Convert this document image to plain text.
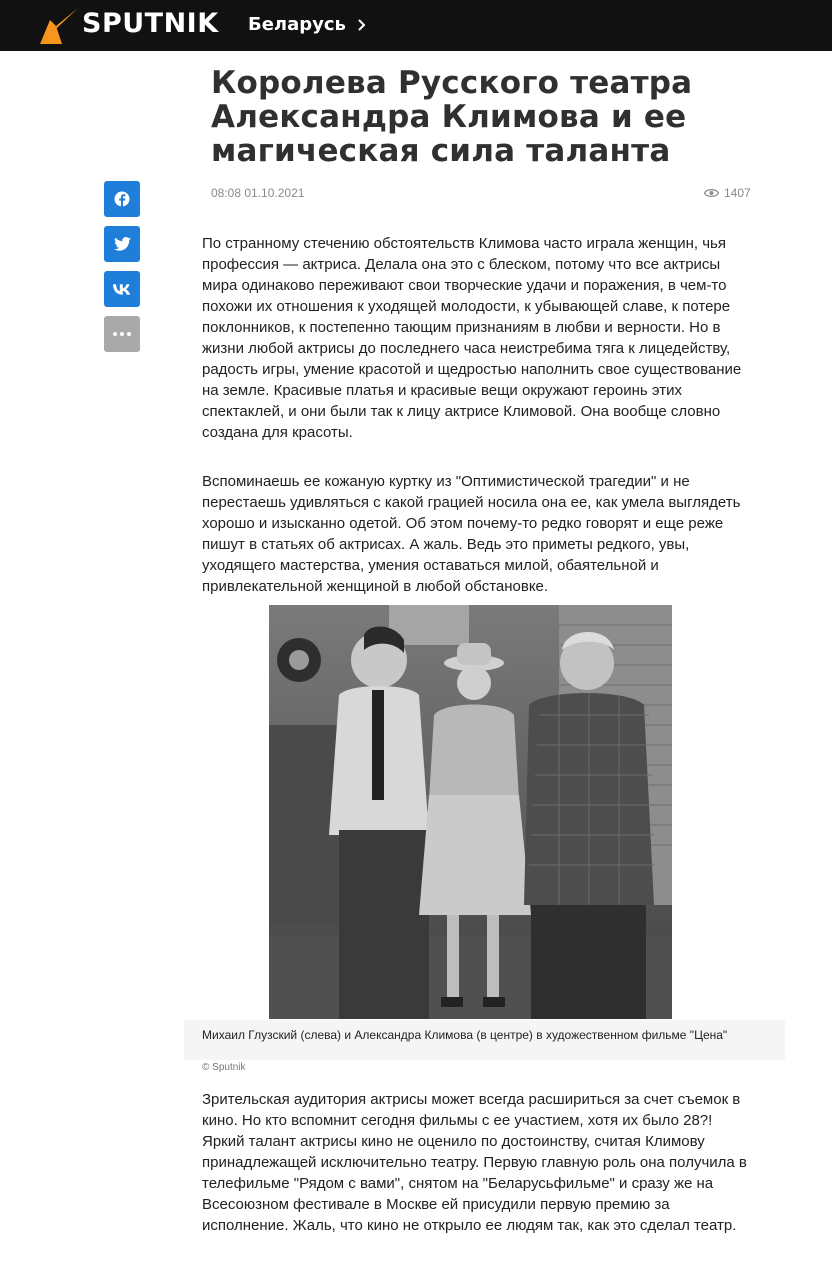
SPUTNIK Беларусь
Королева Русского театра Александра Климова и ее магическая сила таланта
08:08 01.10.2021	1407

По странному стечению обстоятельств Климова часто играла женщин, чья профессия — актриса. Делала она это с блеском, потому что все актрисы мира одинаково переживают свои творческие удачи и поражения, в чем-то похожи их отношения к уходящей молодости, к убывающей славе, к потере поклонников, к постепенно тающим признаниям в любви и верности. Но в жизни любой актрисы до последнего часа неистребима тяга к лицедейству, радость игры, умение красотой и щедростью наполнить свое существование на земле. Красивые платья и красивые вещи окружают героинь этих спектаклей, и они были так к лицу актрисе Климовой. Она вообще словно создана для красоты.

Вспоминаешь ее кожаную куртку из "Оптимистической трагедии" и не перестаешь удивляться с какой грацией носила она ее, как умела выглядеть хорошо и изысканно одетой. Об этом почему-то редко говорят и еще реже пишут в статьях об актрисах. А жаль. Ведь это приметы редкого, увы, уходящего мастерства, умения оставаться милой, обаятельной и привлекательной женщиной в любой обстановке.

Михаил Глузский (слева) и Александра Климова (в центре) в художественном фильме "Цена"
© Sputnik

Зрительская аудитория актрисы может всегда расшириться за счет съемок в кино. Но кто вспомнит сегодня фильмы с ее участием, хотя их было 28?! Яркий талант актрисы кино не оценило по достоинству, считая Климову принадлежащей исключительно театру. Первую главную роль она получила в телефильме "Рядом с вами", снятом на "Беларусьфильме" и сразу же на Всесоюзном фестивале в Москве ей присудили первую премию за исполнение. Жаль, что кино не открыло ее людям так, как это сделал театр.
